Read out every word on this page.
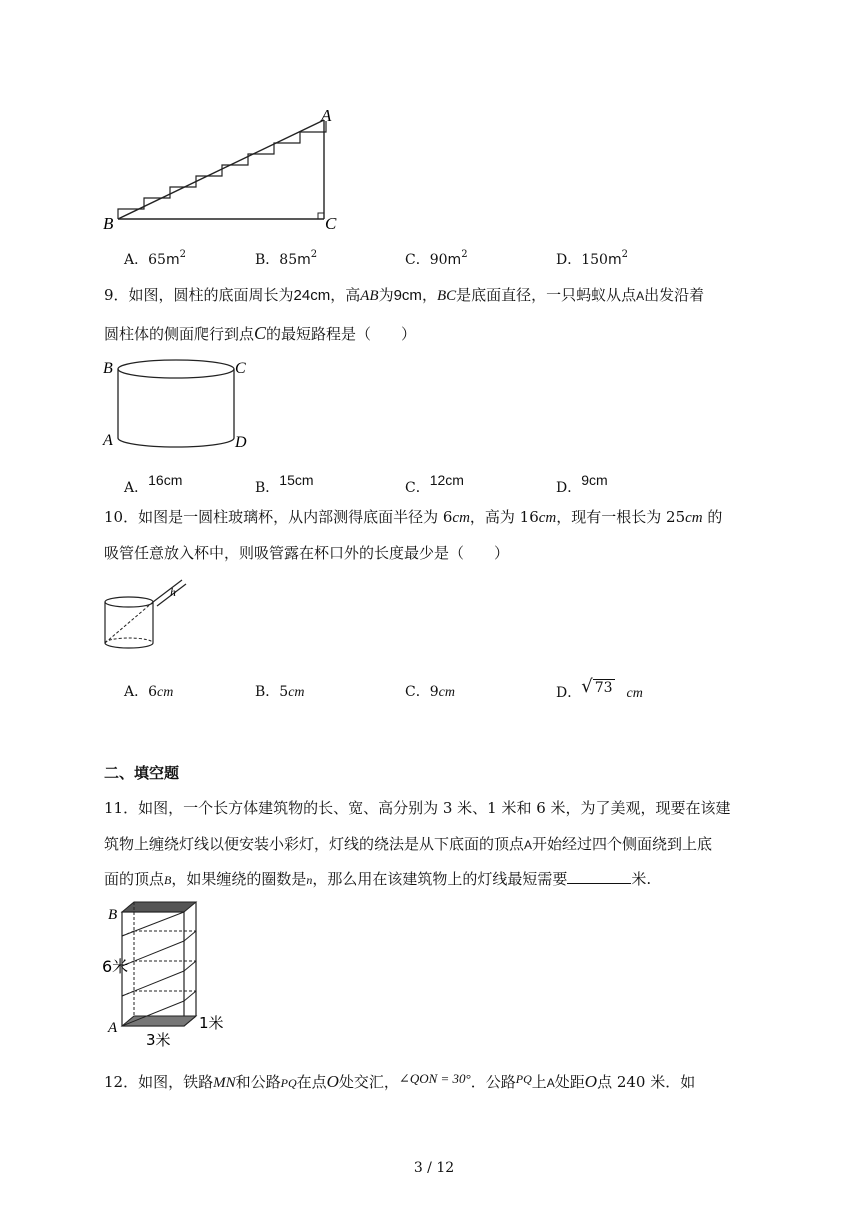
A
B	C
A．$65m^2$	B．$85m^2$	C．$90m^2$	D．$150m^2$
9．如图，圆柱的底面周长为24cm，高AB为9cm，BC是底面直径，一只蚂蚁从点A出发沿着
圆柱体的侧面爬行到点C的最短路程是（　　）
B	C
A	D
A．16cm	B．15cm	C．12cm	D．9cm
10．如图是一圆柱玻璃杯，从内部测得底面半径为 6cm，高为 16cm，现有一根长为 25cm 的
吸管任意放入杯中，则吸管露在杯口外的长度最少是（　　）
h
A．6cm	B．5cm	C．9cm	D．√ 73 cm
二、填空题
11．如图，一个长方体建筑物的长、宽、高分别为 3 米、1 米和 6 米，为了美观，现要在该建
筑物上缠绕灯线以便安装小彩灯，灯线的绕法是从下底面的顶点A开始经过四个侧面绕到上底
面的顶点B，如果缠绕的圈数是n，那么用在该建筑物上的灯线最短需要	米.
B
A
6米
3米
1米
12．如图，铁路MN和公路PQ在点O处交汇，∠QON = 30°．公路$^{PQ}$上A处距O点 240 米．如
3 / 12
